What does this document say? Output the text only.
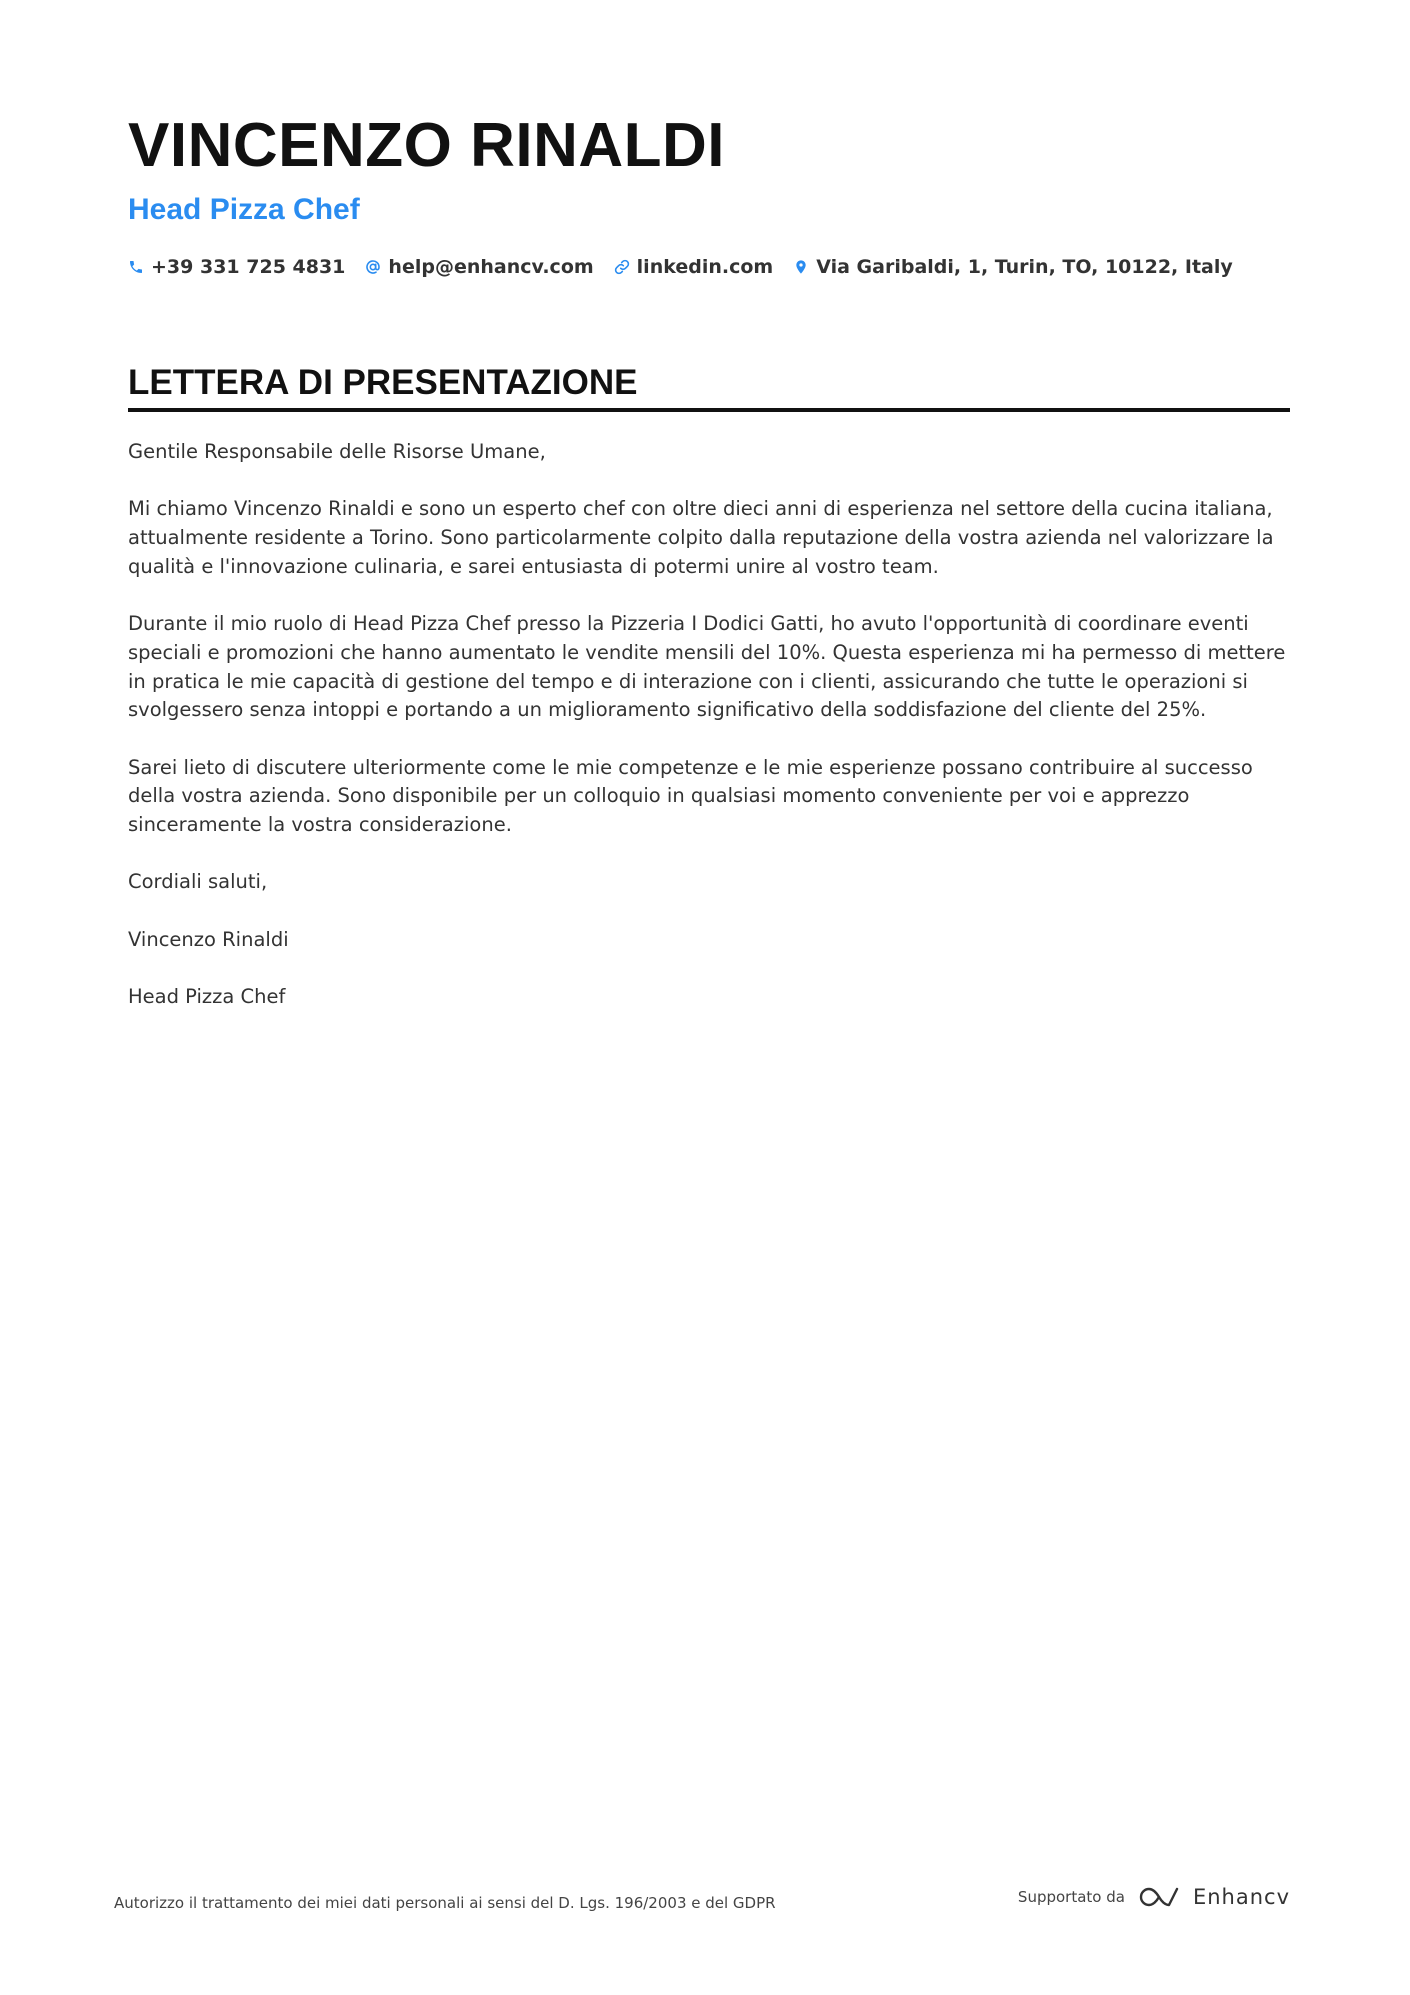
VINCENZO RINALDI
Head Pizza Chef
+39 331 725 4831 help@enhancv.com linkedin.com Via Garibaldi, 1, Turin, TO, 10122, Italy
LETTERA DI PRESENTAZIONE

Gentile Responsabile delle Risorse Umane,

Mi chiamo Vincenzo Rinaldi e sono un esperto chef con oltre dieci anni di esperienza nel settore della cucina italiana, attualmente residente a Torino. Sono particolarmente colpito dalla reputazione della vostra azienda nel valorizzare la qualità e l'innovazione culinaria, e sarei entusiasta di potermi unire al vostro team.

Durante il mio ruolo di Head Pizza Chef presso la Pizzeria I Dodici Gatti, ho avuto l'opportunità di coordinare eventi speciali e promozioni che hanno aumentato le vendite mensili del 10%. Questa esperienza mi ha permesso di mettere in pratica le mie capacità di gestione del tempo e di interazione con i clienti, assicurando che tutte le operazioni si svolgessero senza intoppi e portando a un miglioramento significativo della soddisfazione del cliente del 25%.

Sarei lieto di discutere ulteriormente come le mie competenze e le mie esperienze possano contribuire al successo della vostra azienda. Sono disponibile per un colloquio in qualsiasi momento conveniente per voi e apprezzo sinceramente la vostra considerazione.

Cordiali saluti,

Vincenzo Rinaldi

Head Pizza Chef

Autorizzo il trattamento dei miei dati personali ai sensi del D. Lgs. 196/2003 e del GDPR	Supportato da	Enhancv
